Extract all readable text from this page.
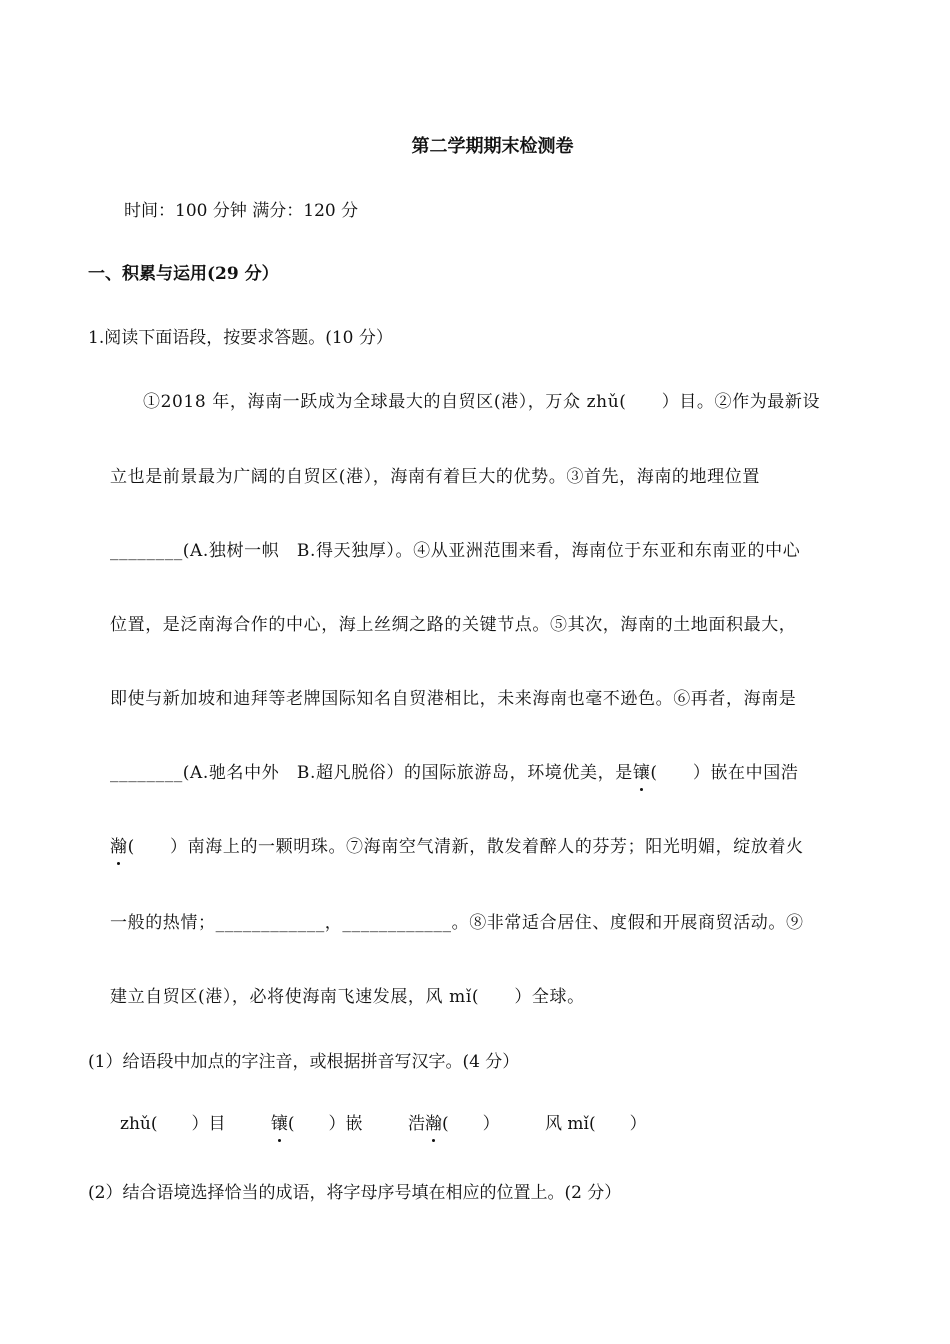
第二学期期末检测卷
时间：100 分钟 满分：120 分
一、积累与运用(29 分）
1.阅读下面语段，按要求答题。(10 分）
①2018 年，海南一跃成为全球最大的自贸区(港），万众 zhǔ(　　）目。②作为最新设
立也是前景最为广阔的自贸区(港），海南有着巨大的优势。③首先，海南的地理位置
________(A.独树一帜　B.得天独厚）。④从亚洲范围来看，海南位于东亚和东南亚的中心
位置，是泛南海合作的中心，海上丝绸之路的关键节点。⑤其次，海南的土地面积最大，
即使与新加坡和迪拜等老牌国际知名自贸港相比，未来海南也毫不逊色。⑥再者，海南是
________(A.驰名中外　B.超凡脱俗）的国际旅游岛，环境优美，是镶(　　）嵌在中国浩
瀚(　　）南海上的一颗明珠。⑦海南空气清新，散发着醉人的芬芳；阳光明媚，绽放着火
一般的热情；____________，____________。⑧非常适合居住、度假和开展商贸活动。⑨
建立自贸区(港），必将使海南飞速发展，风 mǐ(　　）全球。
(1）给语段中加点的字注音，或根据拼音写汉字。(4 分）
zhǔ(　　）目	镶(　　）嵌	浩瀚(　　）	风 mǐ(　　）
(2）结合语境选择恰当的成语，将字母序号填在相应的位置上。(2 分）
